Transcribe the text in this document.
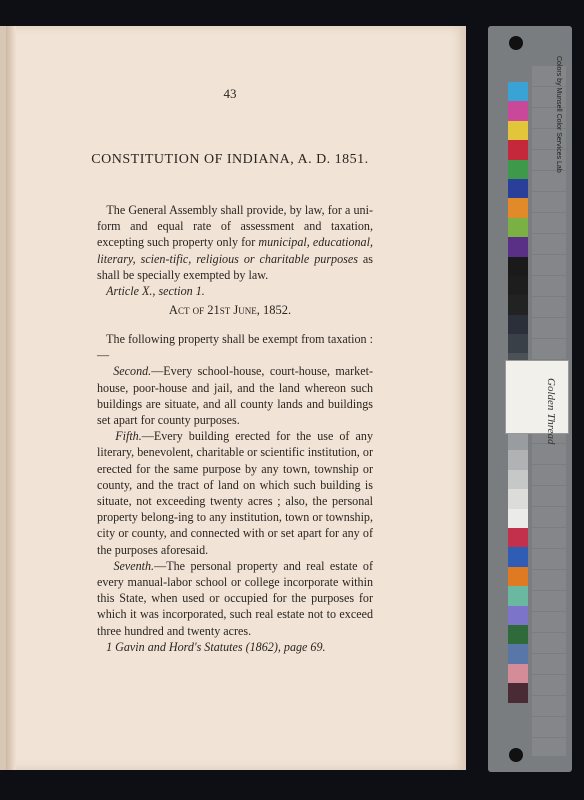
43
CONSTITUTION OF INDIANA, A. D. 1851.
The General Assembly shall provide, by law, for a uni-form and equal rate of assessment and taxation, excepting such property only for municipal, educational, literary, scien-tific, religious or charitable purposes as shall be specially exempted by law.
Article X., section 1.
Act of 21st June, 1852.
The following property shall be exempt from taxation :—
Second.—Every school-house, court-house, market-house, poor-house and jail, and the land whereon such buildings are situate, and all county lands and buildings set apart for county purposes.
Fifth.—Every building erected for the use of any literary, benevolent, charitable or scientific institution, or erected for the same purpose by any town, township or county, and the tract of land on which such building is situate, not exceeding twenty acres ; also, the personal property belong-ing to any institution, town or township, city or county, and connected with or set apart for any of the purposes aforesaid.
Seventh.—The personal property and real estate of every manual-labor school or college incorporate within this State, when used or occupied for the purposes for which it was incorporated, such real estate not to exceed three hundred and twenty acres.
1 Gavin and Hord's Statutes (1862), page 69.
Colors by Munsell Color Services Lab
Golden Thread
